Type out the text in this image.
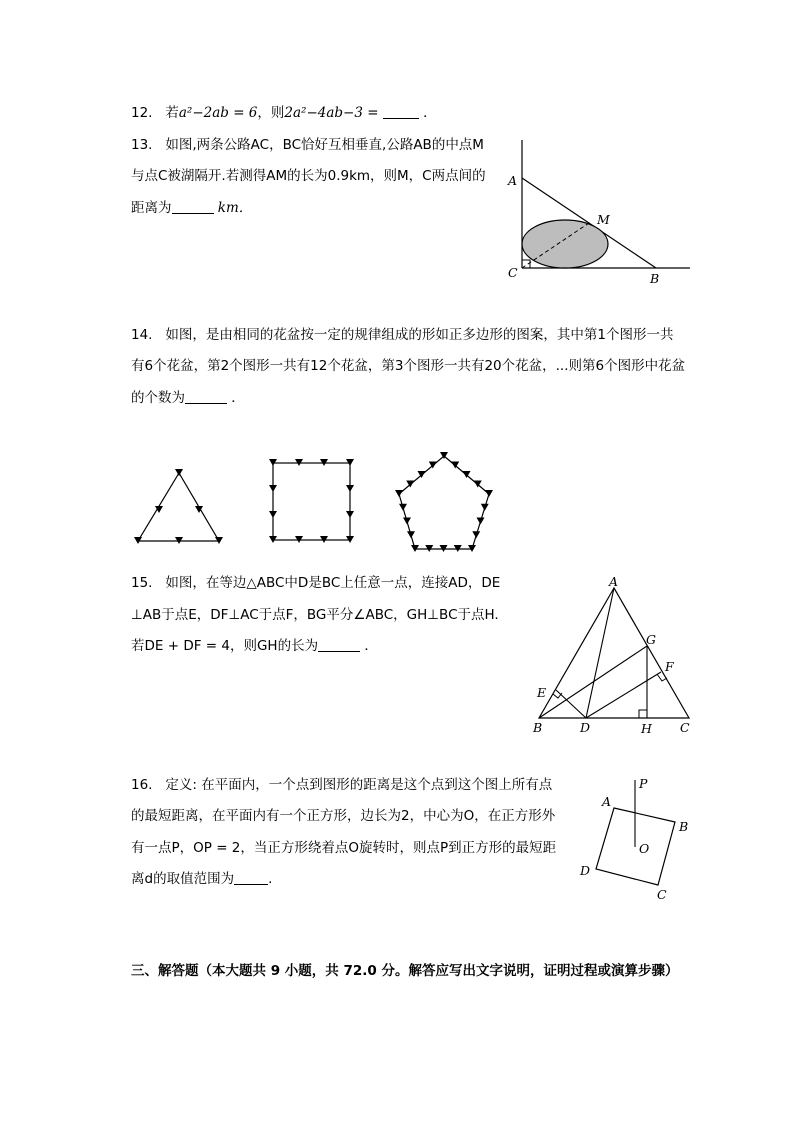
12. 若a²−2ab = 6，则2a²−4ab−3 =	．
13. 如图,两条公路AC，BC恰好互相垂直,公路AB的中点M
与点C被湖隔开.若测得AM的长为0.9km，则M，C两点间的
距离为	km．
A
M
C	B
14. 如图，是由相同的花盆按一定的规律组成的形如正多边形的图案，其中第1个图形一共
有6个花盆，第2个图形一共有12个花盆，第3个图形一共有20个花盆，...则第6个图形中花盆
的个数为	．
15. 如图，在等边△ABC中D是BC上任意一点，连接AD，DE
⊥AB于点E，DF⊥AC于点F，BG平分∠ABC，GH⊥BC于点H.
若DE + DF = 4，则GH的长为	．
A
G
F
E
B	D	H C
16. 定义: 在平面内，一个点到图形的距离是这个点到这个图上所有点
的最短距离，在平面内有一个正方形，边长为2，中心为O，在正方形外
有一点P，OP = 2，当正方形绕着点O旋转时，则点P到正方形的最短距
离d的取值范围为	.
P
A
B
O
D
C
三、解答题（本大题共 9 小题，共 72.0 分。解答应写出文字说明，证明过程或演算步骤）
